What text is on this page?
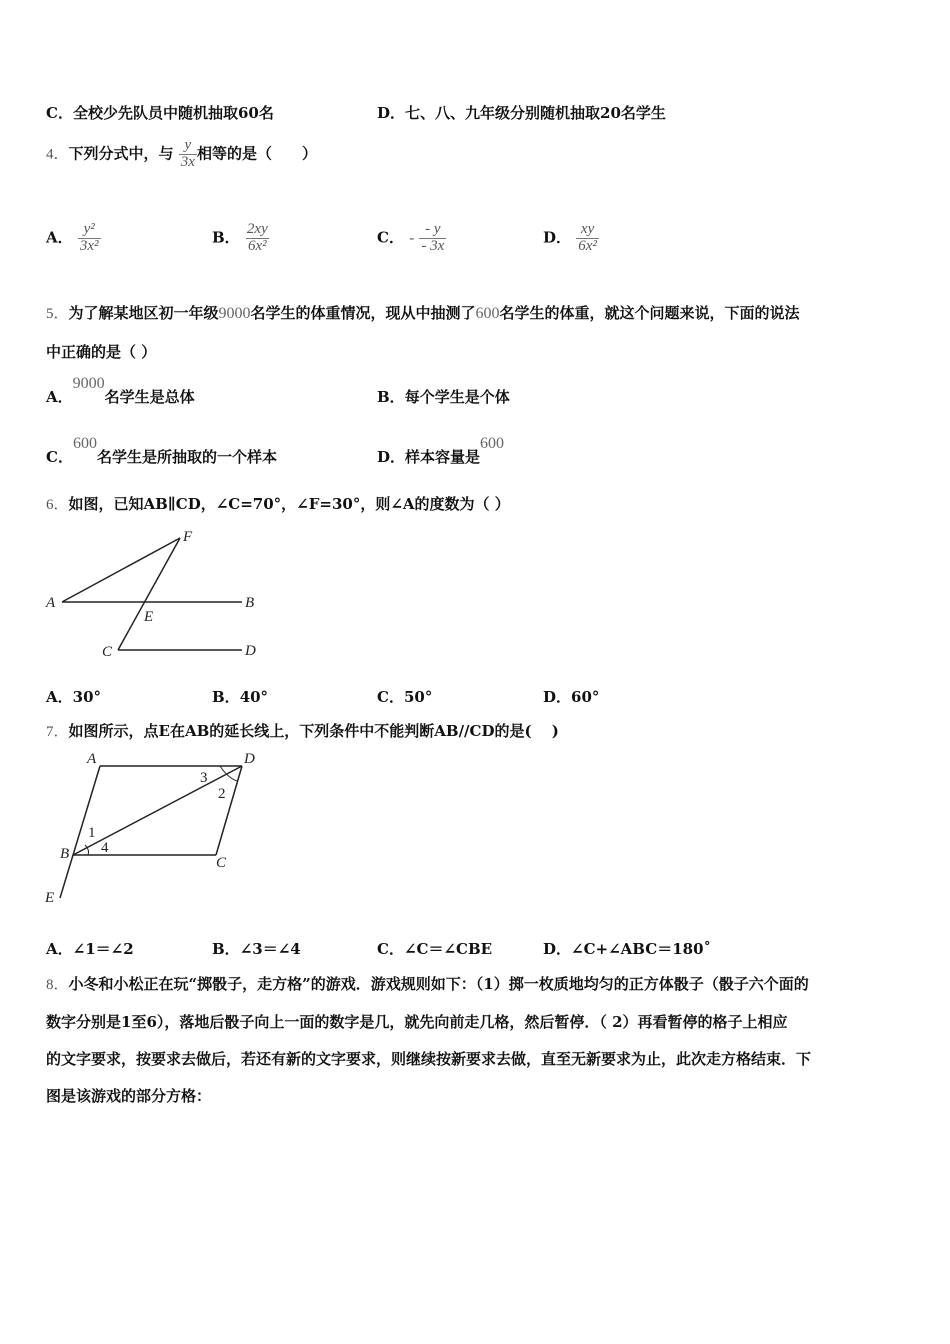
C．全校少先队员中随机抽取60名	D．七、八、九年级分别随机抽取20名学生
4．下列分式中，与 $\frac{y}{3x}$ 相等的是（　　）
A． $\frac{\text{y²}}{\text{3x²}}$	B． $\frac{2xy}{\text{6x²}}$	C． - $\frac{- y}{- 3x}$	D． $\frac{xy}{\text{6x²}}$
5．为了解某地区初一年级9000名学生的体重情况，现从中抽测了600名学生的体重，就这个问题来说，下面的说法
中正确的是（ ）
A．9000名学生是总体	B．每个学生是个体
C．600名学生是所抽取的一个样本	D．样本容量是600
6．如图，已知AB∥CD，∠C=70°，∠F=30°，则∠A的度数为（ ）
A	B
C	D
E
F
A．30°	B．40°	C．50°	D．60°
7．如图所示，点E在AB的延长线上，下列条件中不能判断AB//CD的是(　 )
A	D
B
C
E
1
2
3
4
A．∠1＝∠2	B．∠3＝∠4	C．∠C＝∠CBE	D．∠C+∠ABC＝180˚
8．小冬和小松正在玩“掷骰子，走方格”的游戏．游戏规则如下：（1）掷一枚质地均匀的正方体骰子（骰子六个面的
数字分别是1至6），落地后骰子向上一面的数字是几，就先向前走几格，然后暂停．（ 2）再看暂停的格子上相应
的文字要求，按要求去做后，若还有新的文字要求，则继续按新要求去做，直至无新要求为止，此次走方格结束．下
图是该游戏的部分方格：
